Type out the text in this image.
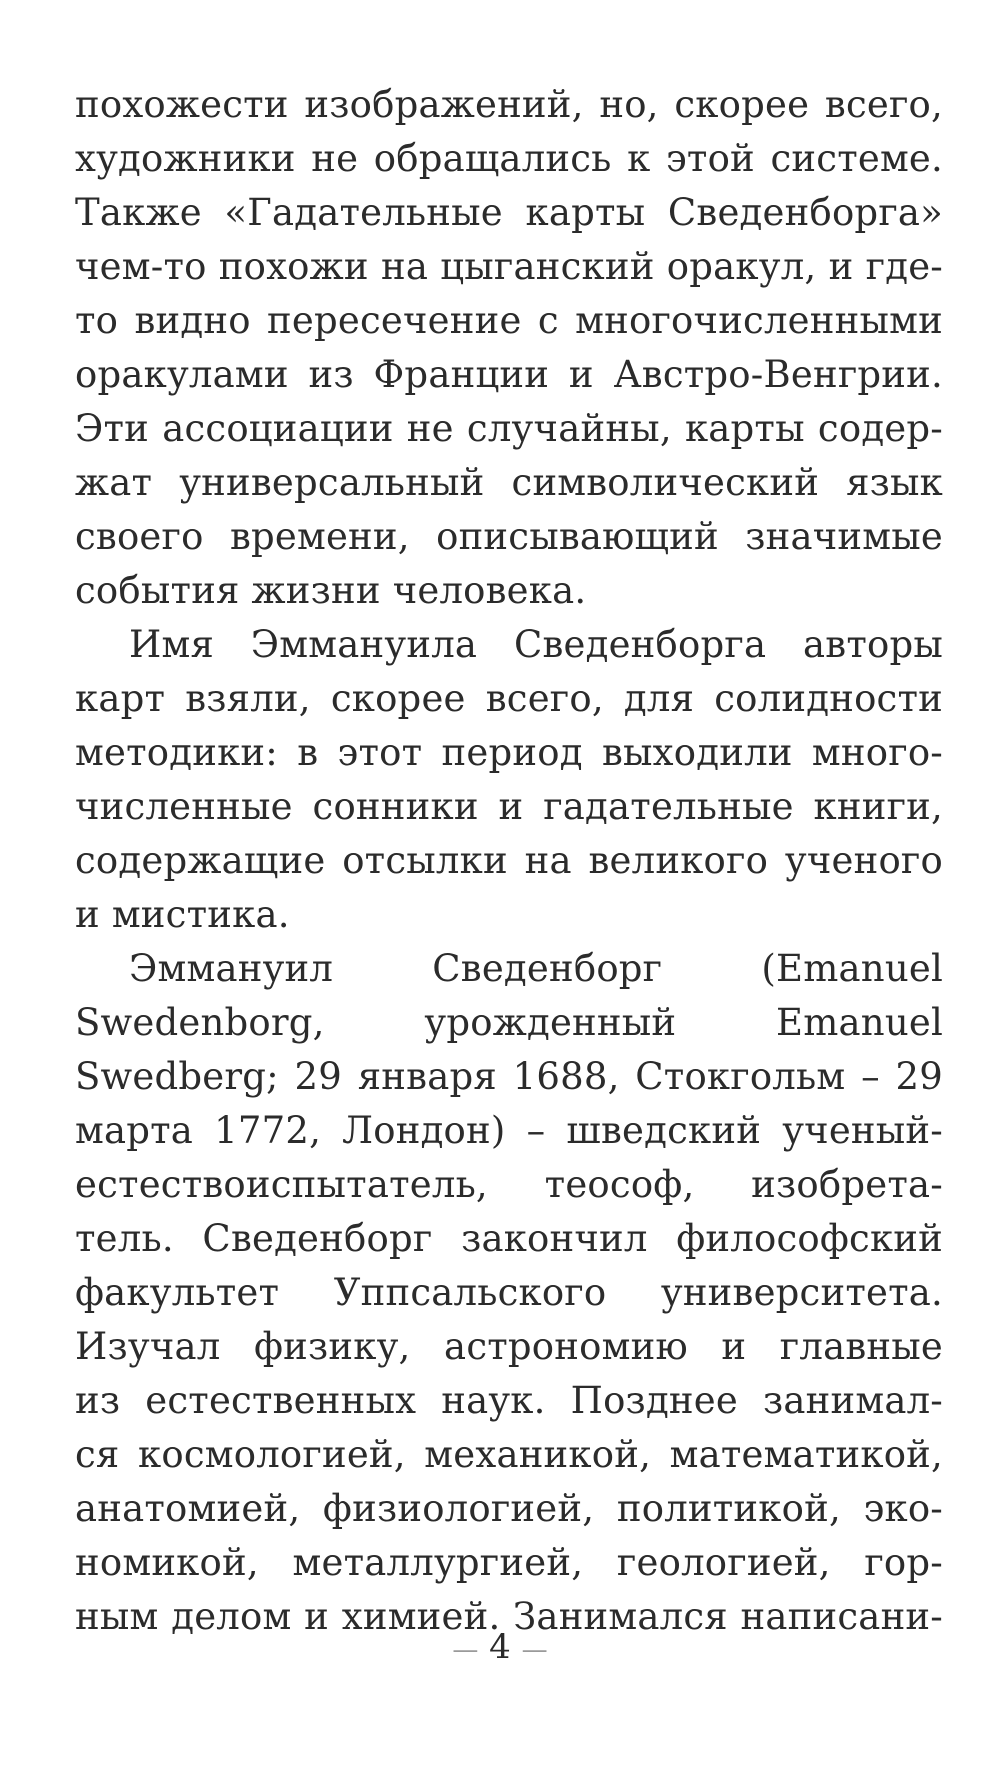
похожести изображений, но, скорее всего,
художники не обращались к этой системе.
Также «Гадательные карты Сведенборга»
чем-то похожи на цыганский оракул, и где-
то видно пересечение с многочисленными
оракулами из Франции и Австро-Венгрии.
Эти ассоциации не случайны, карты содер-
жат универсальный символический язык
своего времени, описывающий значимые
события жизни человека.
Имя Эммануила Сведенборга авторы
карт взяли, скорее всего, для солидности
методики: в этот период выходили много-
численные сонники и гадательные книги,
содержащие отсылки на великого ученого
и мистика.
Эммануил Сведенборг (Emanuel
Swedenborg, урожденный Emanuel
Swedberg; 29 января 1688, Стокгольм – 29
марта 1772, Лондон) – шведский ученый-
естествоиспытатель, теософ, изобрета-
тель. Сведенборг закончил философский
факультет Уппсальского университета.
Изучал физику, астрономию и главные
из естественных наук. Позднее занимал-
ся космологией, механикой, математикой,
анатомией, физиологией, политикой, эко-
номикой, металлургией, геологией, гор-
ным делом и химией. Занимался написани-
— 4 —
